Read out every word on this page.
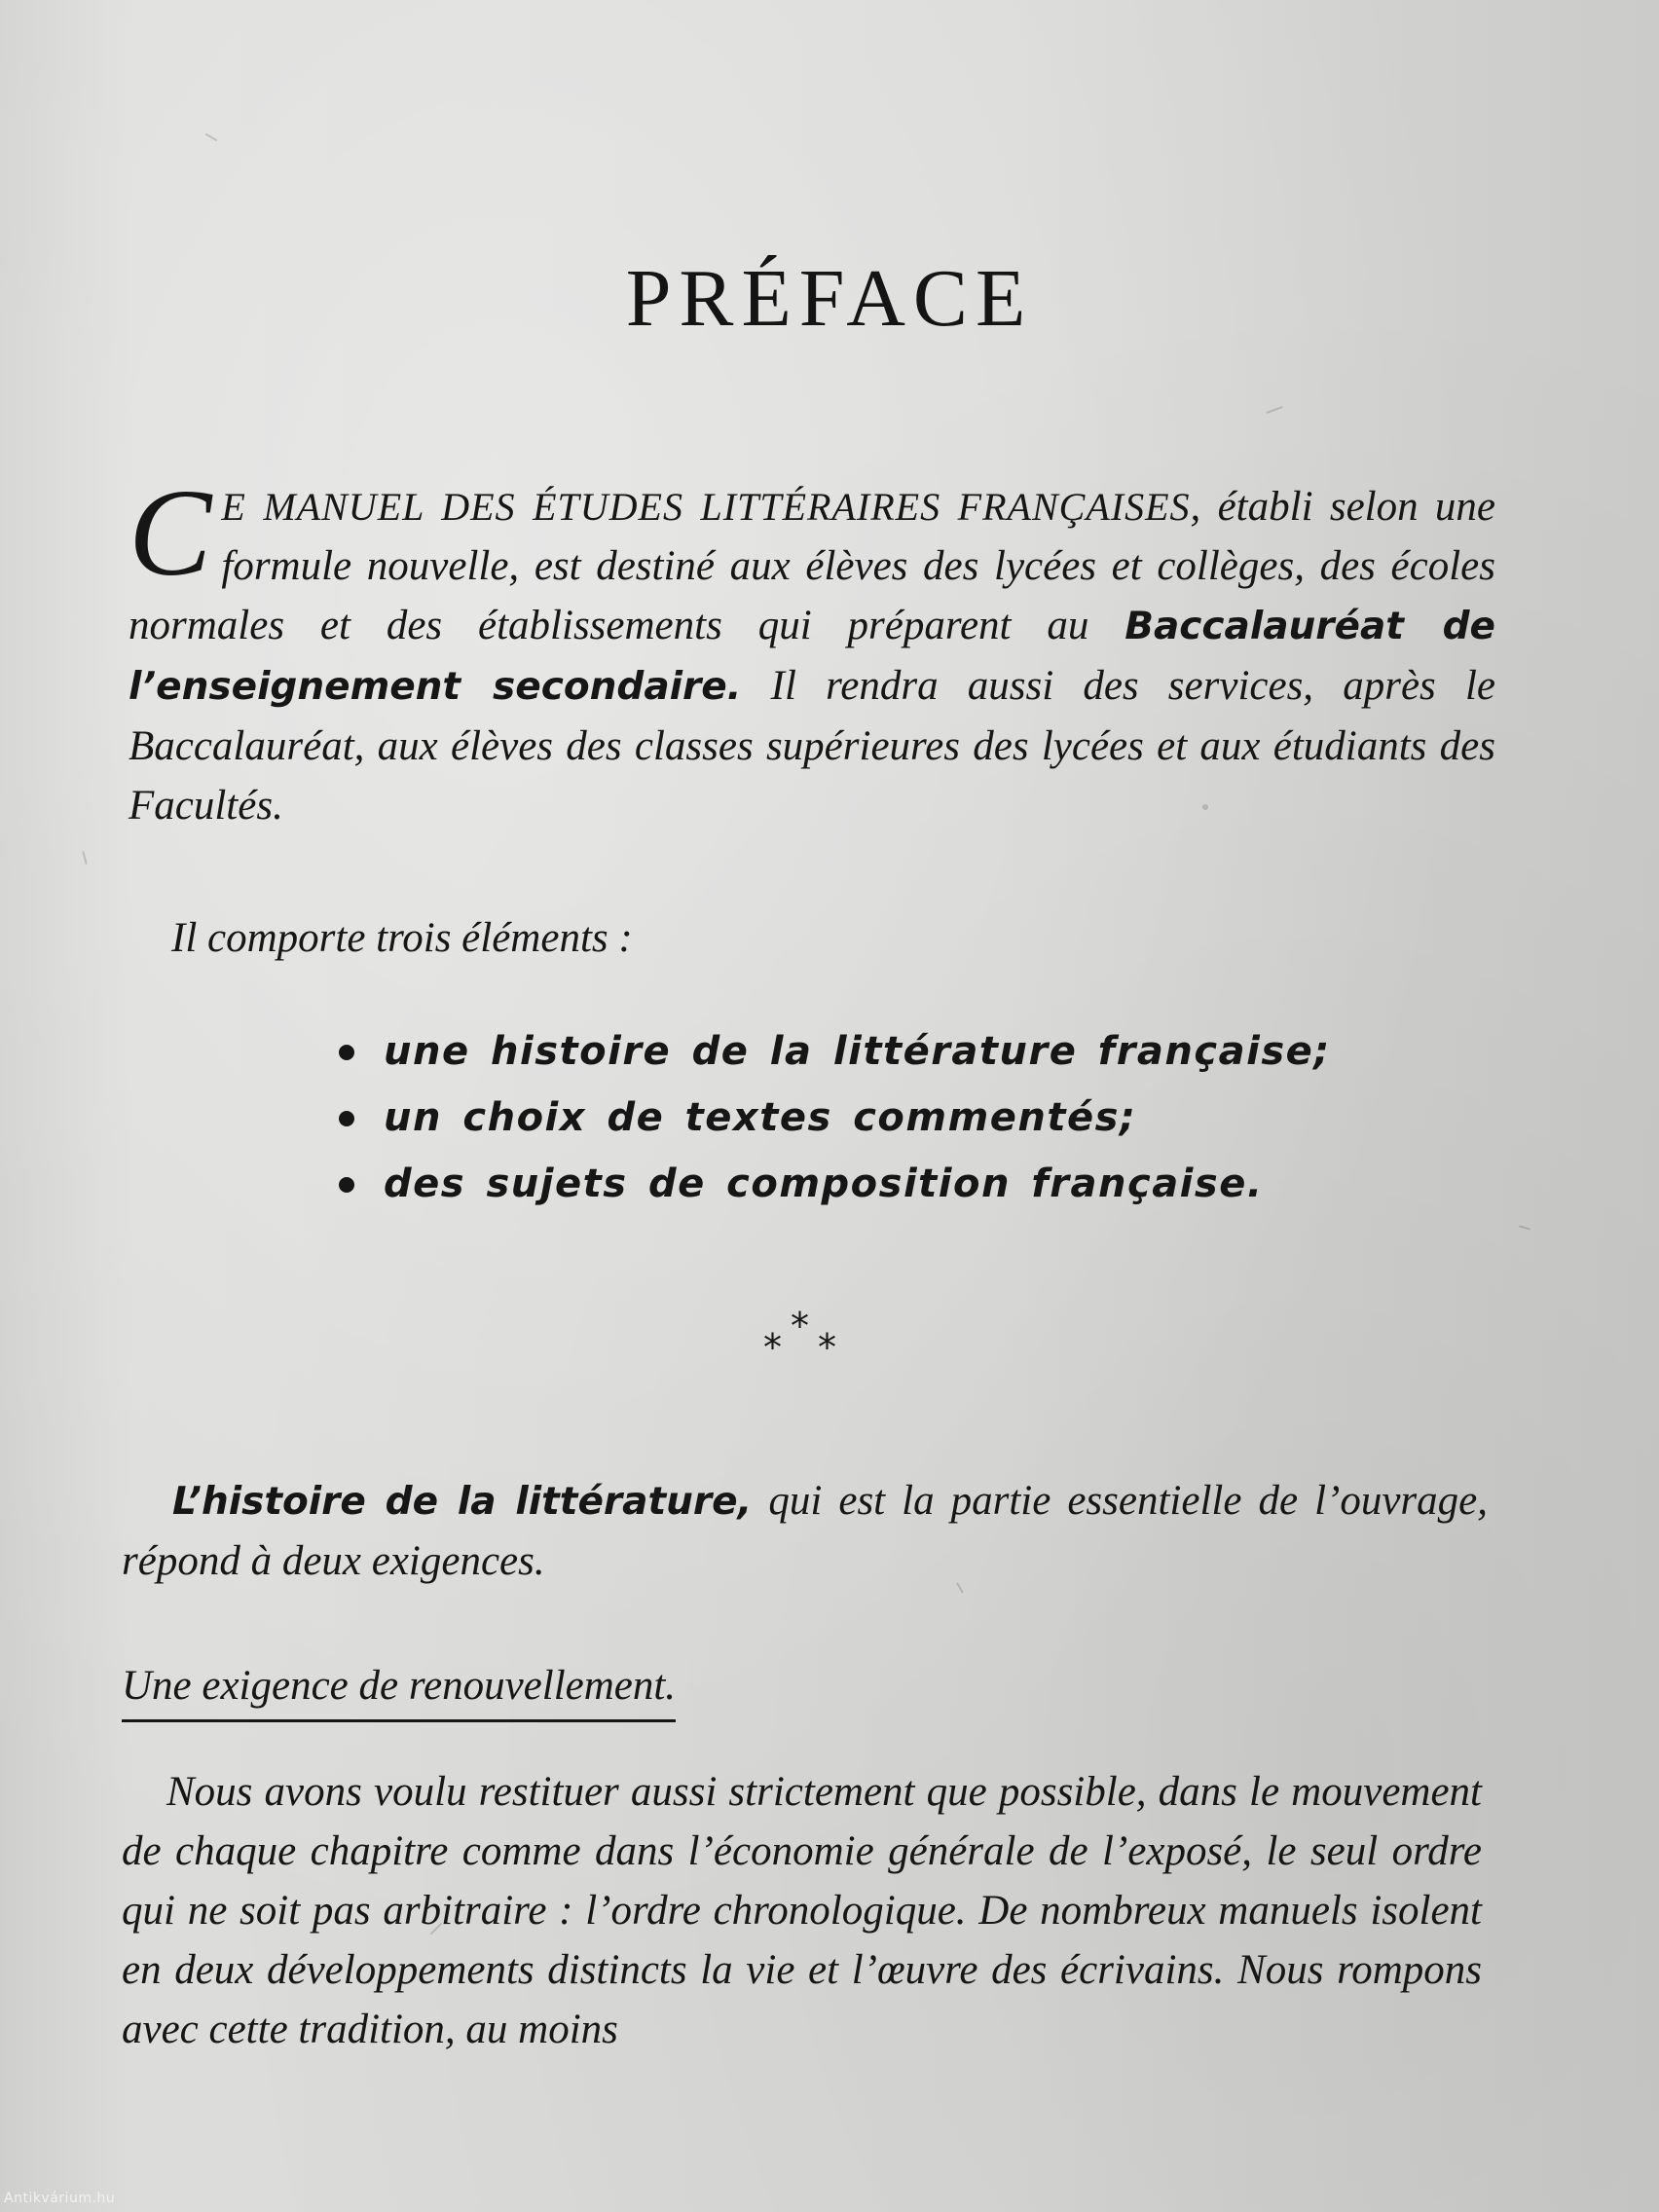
PRÉFACE

C E MANUEL DES ÉTUDES LITTÉRAIRES FRANÇAISES, établi selon une formule nouvelle, est destiné aux élèves des lycées et collèges, des écoles normales et des établissements qui préparent au Baccalauréat de l’enseignement secondaire. Il rendra aussi des services, après le Baccalauréat, aux élèves des classes supérieures des lycées et aux étudiants des Facultés.

Il comporte trois éléments :

une histoire de la littérature française;
un choix de textes commentés;
des sujets de composition française.
*
* *

L’histoire de la littérature, qui est la partie essentielle de l’ouvrage, répond à deux exigences.

Une exigence de renouvellement.

Nous avons voulu restituer aussi strictement que possible, dans le mouvement de chaque chapitre comme dans l’économie générale de l’exposé, le seul ordre qui ne soit pas arbitraire : l’ordre chronologique. De nombreux manuels isolent en deux développements distincts la vie et l’œuvre des écrivains. Nous rompons avec cette tradition, au moins

Antikvárium.hu
